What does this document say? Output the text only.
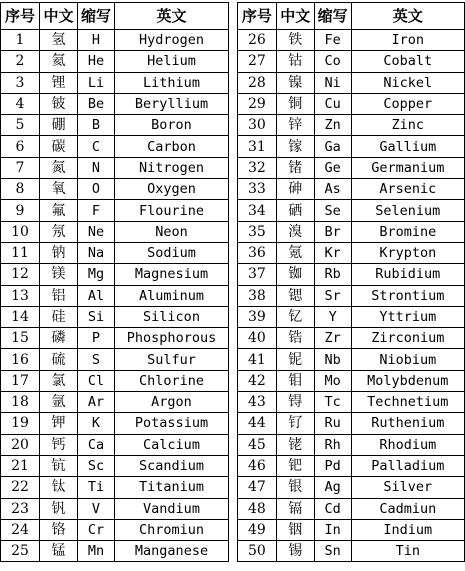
序号	中文	缩写	英文
1	氢	H	Hydrogen
2	氦	He	Helium
3	锂	Li	Lithium
4	铍	Be	Beryllium
5	硼	B	Boron
6	碳	C	Carbon
7	氮	N	Nitrogen
8	氧	O	Oxygen
9	氟	F	Flourine
10	氖	Ne	Neon
11	钠	Na	Sodium
12	镁	Mg	Magnesium
13	铝	Al	Aluminum
14	硅	Si	Silicon
15	磷	P	Phosphorous
16	硫	S	Sulfur
17	氯	Cl	Chlorine
18	氩	Ar	Argon
19	钾	K	Potassium
20	钙	Ca	Calcium
21	钪	Sc	Scandium
22	钛	Ti	Titanium
23	钒	V	Vandium
24	铬	Cr	Chromiun
25	锰	Mn	Manganese
序号	中文	缩写	英文
26	铁	Fe	Iron
27	钴	Co	Cobalt
28	镍	Ni	Nickel
29	铜	Cu	Copper
30	锌	Zn	Zinc
31	镓	Ga	Gallium
32	锗	Ge	Germanium
33	砷	As	Arsenic
34	硒	Se	Selenium
35	溴	Br	Bromine
36	氪	Kr	Krypton
37	铷	Rb	Rubidium
38	锶	Sr	Strontium
39	钇	Y	Yttrium
40	锆	Zr	Zirconium
41	铌	Nb	Niobium
42	钼	Mo	Molybdenum
43	锝	Tc	Technetium
44	钌	Ru	Ruthenium
45	铑	Rh	Rhodium
46	钯	Pd	Palladium
47	银	Ag	Silver
48	镉	Cd	Cadmiun
49	铟	In	Indium
50	锡	Sn	Tin
